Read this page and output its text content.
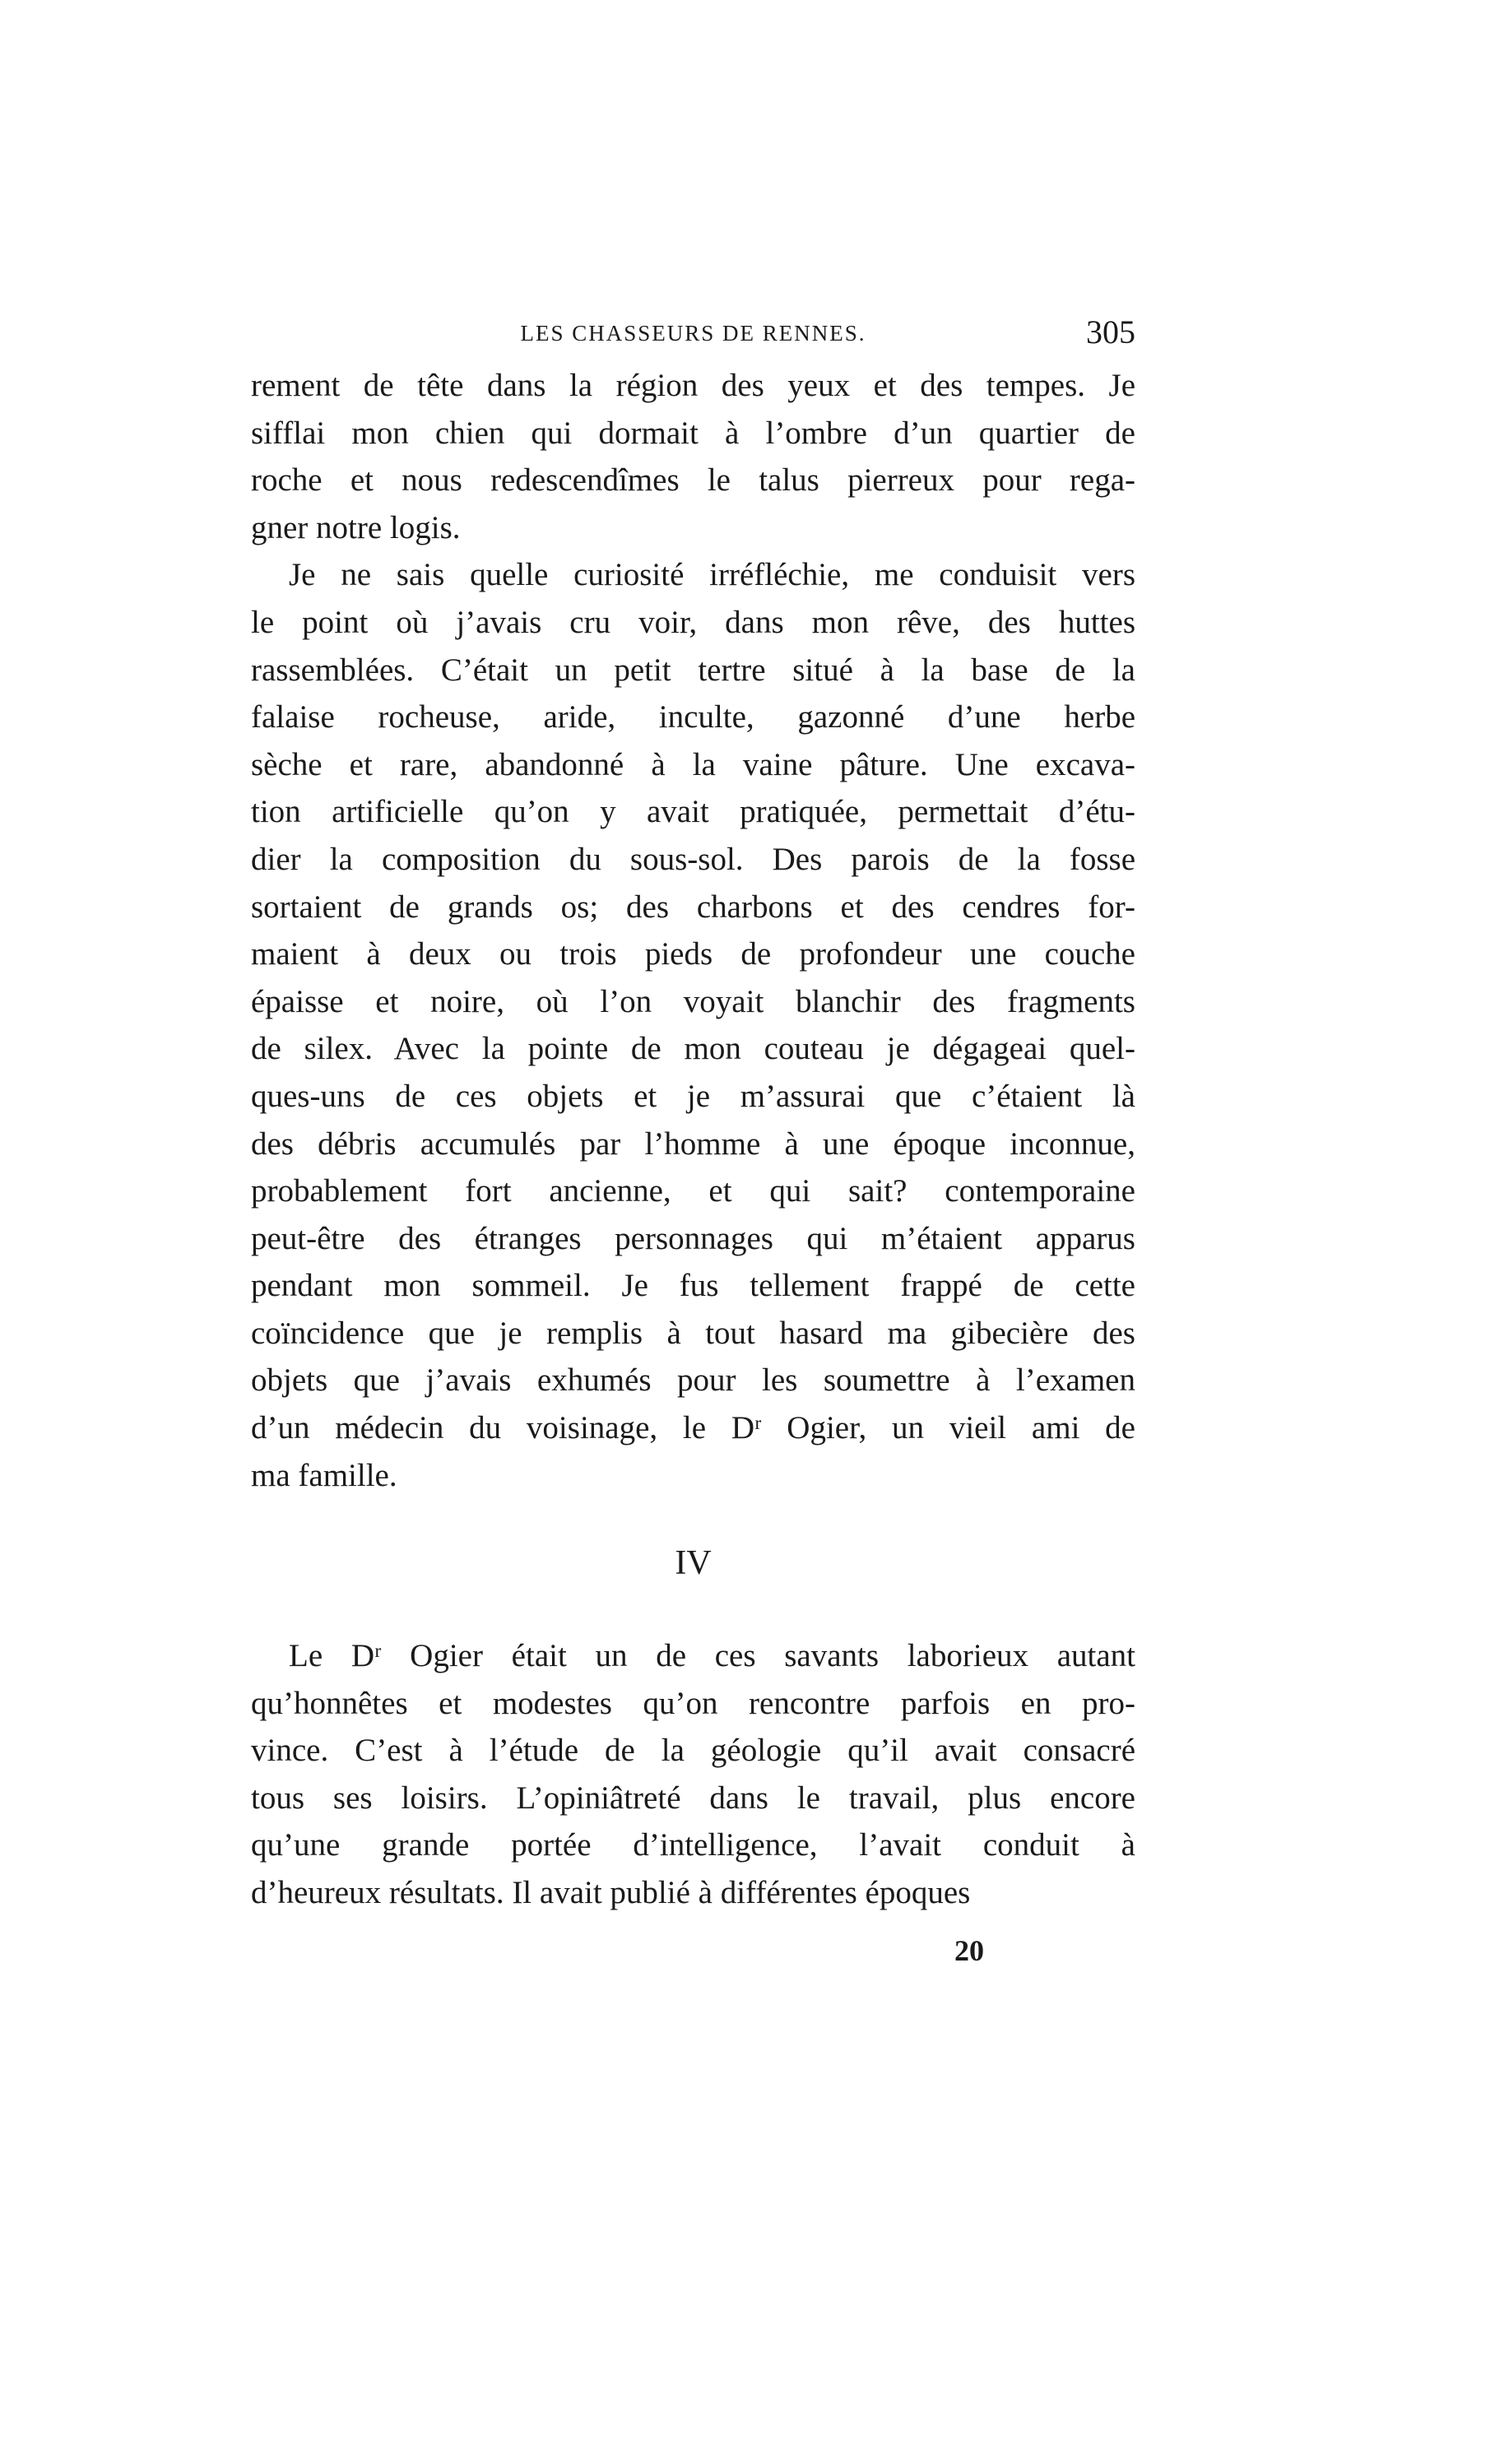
LES CHASSEURS DE RENNES.	305
rement de tête dans la région des yeux et des tempes. Je
sifflai mon chien qui dormait à l’ombre d’un quartier de
roche et nous redescendîmes le talus pierreux pour rega-
gner notre logis.
Je ne sais quelle curiosité irréfléchie, me conduisit vers
le point où j’avais cru voir, dans mon rêve, des huttes
rassemblées. C’était un petit tertre situé à la base de la
falaise rocheuse, aride, inculte, gazonné d’une herbe
sèche et rare, abandonné à la vaine pâture. Une excava-
tion artificielle qu’on y avait pratiquée, permettait d’étu-
dier la composition du sous-sol. Des parois de la fosse
sortaient de grands os; des charbons et des cendres for-
maient à deux ou trois pieds de profondeur une couche
épaisse et noire, où l’on voyait blanchir des fragments
de silex. Avec la pointe de mon couteau je dégageai quel-
ques-uns de ces objets et je m’assurai que c’étaient là
des débris accumulés par l’homme à une époque inconnue,
probablement fort ancienne, et qui sait? contemporaine
peut-être des étranges personnages qui m’étaient apparus
pendant mon sommeil. Je fus tellement frappé de cette
coïncidence que je remplis à tout hasard ma gibecière des
objets que j’avais exhumés pour les soumettre à l’examen
d’un médecin du voisinage, le Dʳ Ogier, un vieil ami de
ma famille.
IV
Le Dʳ Ogier était un de ces savants laborieux autant
qu’honnêtes et modestes qu’on rencontre parfois en pro-
vince. C’est à l’étude de la géologie qu’il avait consacré
tous ses loisirs. L’opiniâtreté dans le travail, plus encore
qu’une grande portée d’intelligence, l’avait conduit à
d’heureux résultats. Il avait publié à différentes époques
20
